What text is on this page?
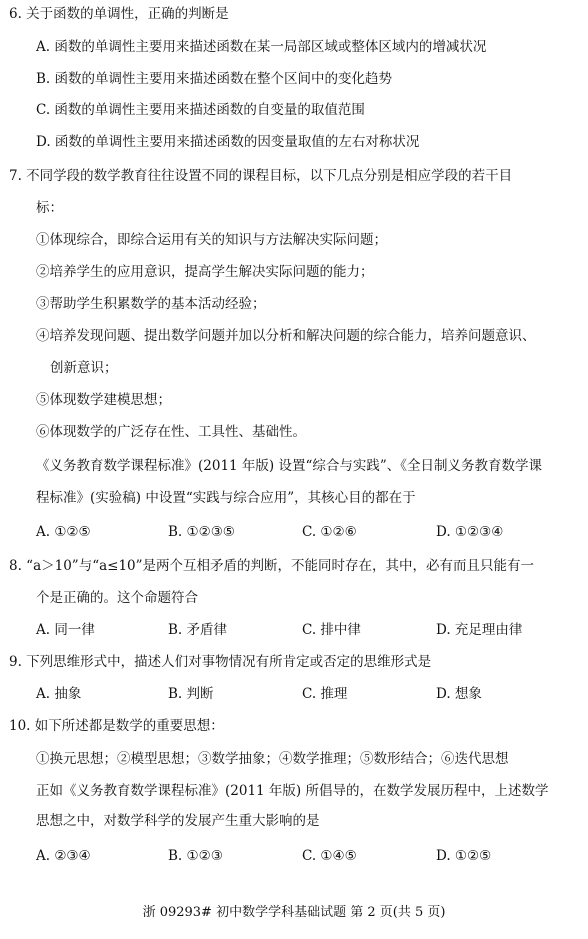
6. 关于函数的单调性，正确的判断是
A. 函数的单调性主要用来描述函数在某一局部区域或整体区域内的增减状况
B. 函数的单调性主要用来描述函数在整个区间中的变化趋势
C. 函数的单调性主要用来描述函数的自变量的取值范围
D. 函数的单调性主要用来描述函数的因变量取值的左右对称状况
7. 不同学段的数学教育往往设置不同的课程目标，以下几点分别是相应学段的若干目
标：
①体现综合，即综合运用有关的知识与方法解决实际问题；
②培养学生的应用意识，提高学生解决实际问题的能力；
③帮助学生积累数学的基本活动经验；
④培养发现问题、提出数学问题并加以分析和解决问题的综合能力，培养问题意识、
创新意识；
⑤体现数学建模思想；
⑥体现数学的广泛存在性、工具性、基础性。
《义务教育数学课程标准》(2011 年版) 设置“综合与实践”、《全日制义务教育数学课
程标准》(实验稿) 中设置“实践与综合应用”，其核心目的都在于
A. ①②⑤	B. ①②③⑤	C. ①②⑥	D. ①②③④
8. “a＞10”与“a≤10”是两个互相矛盾的判断，不能同时存在，其中，必有而且只能有一
个是正确的。这个命题符合
A. 同一律	B. 矛盾律	C. 排中律	D. 充足理由律
9. 下列思维形式中，描述人们对事物情况有所肯定或否定的思维形式是
A. 抽象	B. 判断	C. 推理	D. 想象
10. 如下所述都是数学的重要思想：
①换元思想；②模型思想；③数学抽象；④数学推理；⑤数形结合；⑥迭代思想
正如《义务教育数学课程标准》(2011 年版) 所倡导的，在数学发展历程中，上述数学
思想之中，对数学科学的发展产生重大影响的是
A. ②③④	B. ①②③	C. ①④⑤	D. ①②⑤
浙 09293# 初中数学学科基础试题 第 2 页(共 5 页)
